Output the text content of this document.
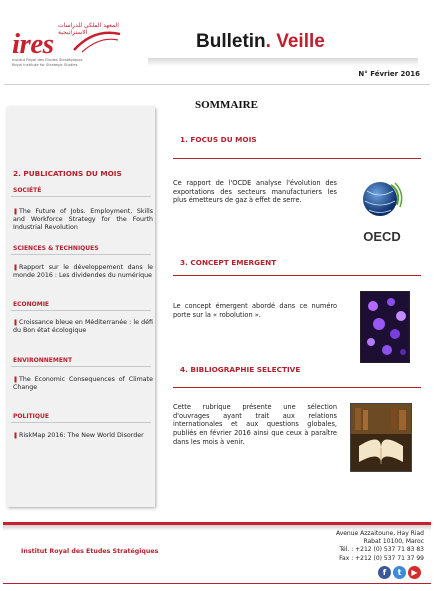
المعهد الملكي للدراسات الاستراتيجية
ires
Institut Royal des Etudes Stratégiques
Royal Institute for Strategic Studies
Bulletin. Veille
N° Février 2016
2. PUBLICATIONS DU MOIS
SOCIÉTÉ
❚The Future of Jobs. Employment, Skills and Workforce Strategy for the Fourth Industrial Revolution
SCIENCES & TECHNIQUES
❚Rapport sur le développement dans le monde 2016 : Les dividendes du numérique
ECONOMIE
❚Croissance bleue en Méditerranée : le défi du Bon état écologique
ENVIRONNEMENT
❚The Economic Consequences of Climate Change
POLITIQUE
❚RiskMap 2016: The New World Disorder
SOMMAIRE
1. FOCUS DU MOIS
Ce rapport de l'OCDE analyse l'évolution des exportations des secteurs manufacturiers les plus émetteurs de gaz à effet de serre.
OECD
3. CONCEPT EMERGENT
Le concept émergent abordé dans ce numéro porte sur la « robolution ».
4. BIBLIOGRAPHIE SELECTIVE
Cette rubrique présente une sélection d'ouvrages ayant trait aux relations internationales et aux questions globales, publiés en février 2016 ainsi que ceux à paraître dans les mois à venir.
Institut Royal des Etudes Stratégiques
Avenue Azzaitoune, Hay Riad
Rabat 10100, Maroc
Tél. : +212 (0) 537 71 83 83
Fax : +212 (0) 537 71 37 99
f	t	▶
